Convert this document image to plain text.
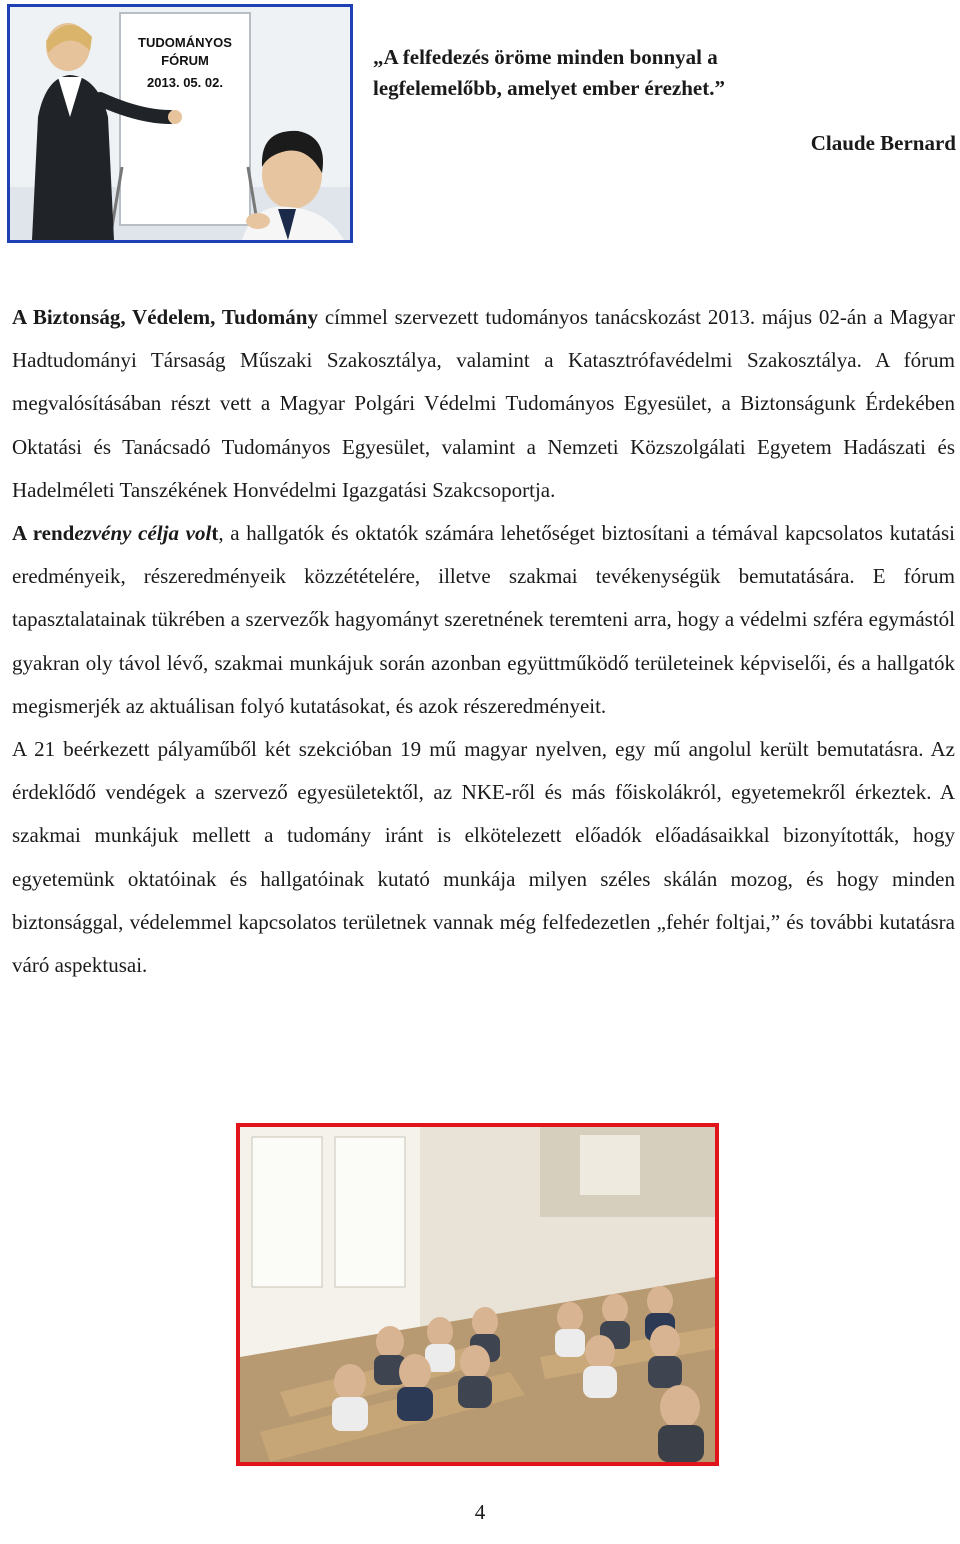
TUDOMÁNYOS
FÓRUM
2013. 05. 02.
„A felfedezés öröme minden bonnyal a
legfelemelőbb, amelyet ember érezhet.”
Claude Bernard

A Biztonság, Védelem, Tudomány címmel szervezett tudományos tanácskozást 2013. május 02-án a Magyar Hadtudományi Társaság Műszaki Szakosztálya, valamint a Katasztrófavédelmi Szakosztálya. A fórum megvalósításában részt vett a Magyar Polgári Védelmi Tudományos Egyesület, a Biztonságunk Érdekében Oktatási és Tanácsadó Tudományos Egyesület, valamint a Nemzeti Közszolgálati Egyetem Hadászati és Hadelméleti Tanszékének Honvédelmi Igazgatási Szakcsoportja.

A rendezvény célja volt, a hallgatók és oktatók számára lehetőséget biztosítani a témával kapcsolatos kutatási eredményeik, részeredményeik közzétételére, illetve szakmai tevékenységük bemutatására. E fórum tapasztalatainak tükrében a szervezők hagyományt szeretnének teremteni arra, hogy a védelmi szféra egymástól gyakran oly távol lévő, szakmai munkájuk során azonban együttműködő területeinek képviselői, és a hallgatók megismerjék az aktuálisan folyó kutatásokat, és azok részeredményeit.

A 21 beérkezett pályaműből két szekcióban 19 mű magyar nyelven, egy mű angolul került bemutatásra. Az érdeklődő vendégek a szervező egyesületektől, az NKE-ről és más főiskolákról, egyetemekről érkeztek. A szakmai munkájuk mellett a tudomány iránt is elkötelezett előadók előadásaikkal bizonyították, hogy egyetemünk oktatóinak és hallgatóinak kutató munkája milyen széles skálán mozog, és hogy minden biztonsággal, védelemmel kapcsolatos területnek vannak még felfedezetlen „fehér foltjai,” és további kutatásra váró aspektusai.

4
